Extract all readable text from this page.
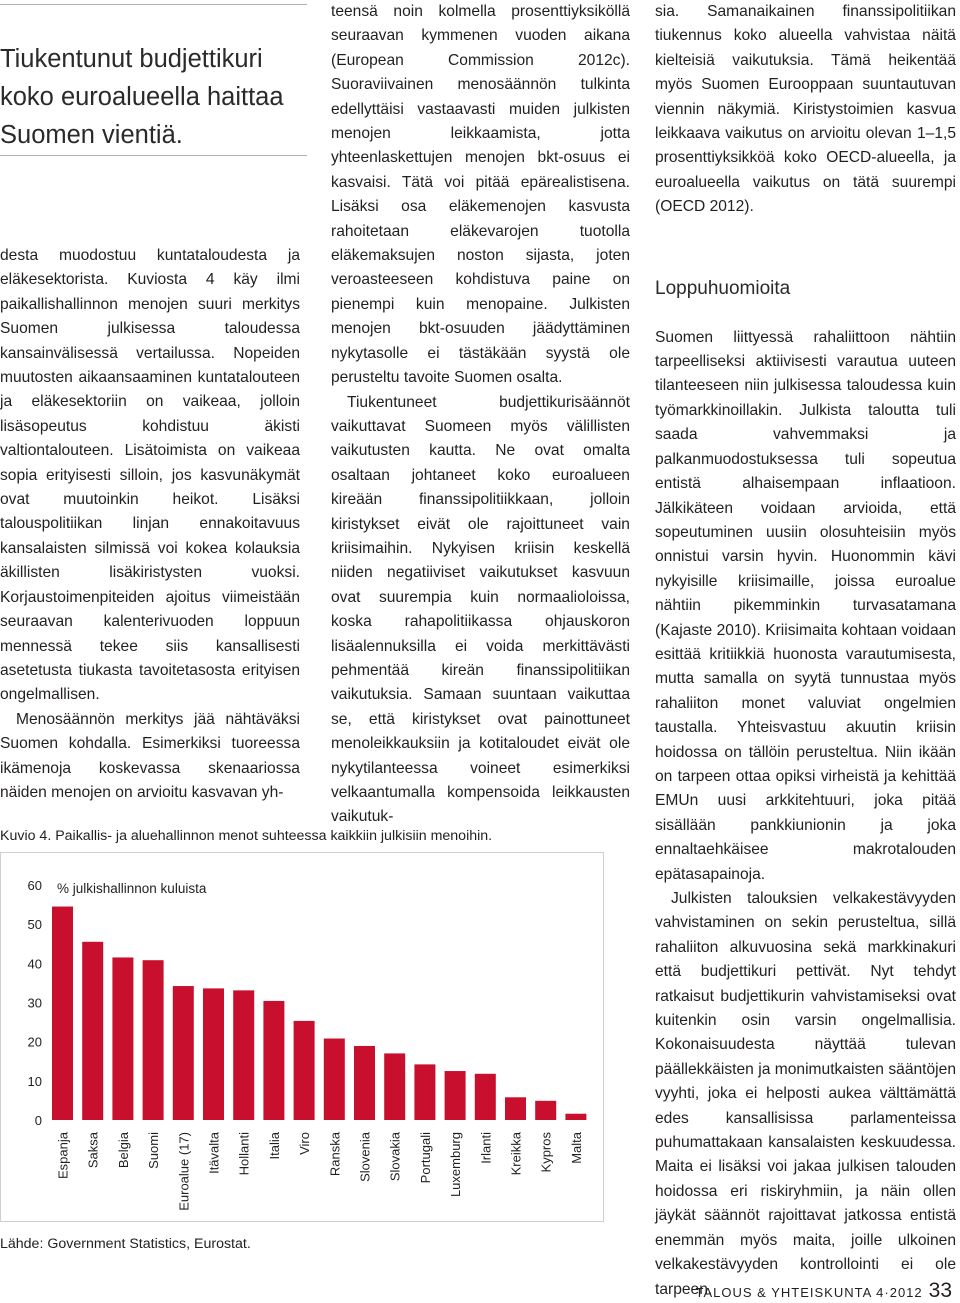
Tiukentunut budjettikuri koko euroalueella haittaa Suomen vientiä.

desta muodostuu kuntataloudesta ja eläkesektorista. Kuviosta 4 käy ilmi paikallishallinnon menojen suuri merkitys Suomen julkisessa taloudessa kansainvälisessä vertailussa. Nopeiden muutosten aikaansaaminen kuntatalouteen ja eläkesektoriin on vaikeaa, jolloin lisäsopeutus kohdistuu äkisti valtiontalouteen. Lisätoimista on vaikeaa sopia erityisesti silloin, jos kasvunäkymät ovat muutoinkin heikot. Lisäksi talouspolitiikan linjan ennakoitavuus kansalaisten silmissä voi kokea kolauksia äkillisten lisäkiristysten vuoksi. Korjaustoimenpiteiden ajoitus viimeistään seuraavan kalenterivuoden loppuun mennessä tekee siis kansallisesti asetetusta tiukasta tavoitetasosta erityisen ongelmallisen.

Menosäännön merkitys jää nähtäväksi Suomen kohdalla. Esimerkiksi tuoreessa ikämenoja koskevassa skenaariossa näiden menojen on arvioitu kasvavan yh-

teensä noin kolmella prosenttiyksiköllä seuraavan kymmenen vuoden aikana (European Commission 2012c). Suoraviivainen menosäännön tulkinta edellyttäisi vastaavasti muiden julkisten menojen leikkaamista, jotta yhteenlaskettujen menojen bkt-osuus ei kasvaisi. Tätä voi pitää epärealistisena. Lisäksi osa eläkemenojen kasvusta rahoitetaan eläkevarojen tuotolla eläkemaksujen noston sijasta, joten veroasteeseen kohdistuva paine on pienempi kuin menopaine. Julkisten menojen bkt-osuuden jäädyttäminen nykytasolle ei tästäkään syystä ole perusteltu tavoite Suomen osalta.

Tiukentuneet budjettikurisäännöt vaikuttavat Suomeen myös välillisten vaikutusten kautta. Ne ovat omalta osaltaan johtaneet koko euroalueen kireään finanssipolitiikkaan, jolloin kiristykset eivät ole rajoittuneet vain kriisimaihin. Nykyisen kriisin keskellä niiden negatiiviset vaikutukset kasvuun ovat suurempia kuin normaalioloissa, koska rahapolitiikassa ohjauskoron lisäalennuksilla ei voida merkittävästi pehmentää kireän finanssipolitiikan vaikutuksia. Samaan suuntaan vaikuttaa se, että kiristykset ovat painottuneet menoleikkauksiin ja kotitaloudet eivät ole nykytilanteessa voineet esimerkiksi velkaantumalla kompensoida leikkausten vaikutuk-

sia. Samanaikainen finanssipolitiikan tiukennus koko alueella vahvistaa näitä kielteisiä vaikutuksia. Tämä heikentää myös Suomen Eurooppaan suuntautuvan viennin näkymiä. Kiristystoimien kasvua leikkaava vaikutus on arvioitu olevan 1–1,5 prosenttiyksikköä koko OECD-alueella, ja euroalueella vaikutus on tätä suurempi (OECD 2012).

Loppuhuomioita

Suomen liittyessä rahaliittoon nähtiin tarpeelliseksi aktiivisesti varautua uuteen tilanteeseen niin julkisessa taloudessa kuin työmarkkinoillakin. Julkista taloutta tuli saada vahvemmaksi ja palkanmuodostuksessa tuli sopeutua entistä alhaisempaan inflaatioon. Jälkikäteen voidaan arvioida, että sopeutuminen uusiin olosuhteisiin myös onnistui varsin hyvin. Huonommin kävi nykyisille kriisimaille, joissa euroalue nähtiin pikemminkin turvasatamana (Kajaste 2010). Kriisimaita kohtaan voidaan esittää kritiikkiä huonosta varautumisesta, mutta samalla on syytä tunnustaa myös rahaliiton monet valuviat ongelmien taustalla. Yhteisvastuu akuutin kriisin hoidossa on tällöin perusteltua. Niin ikään on tarpeen ottaa opiksi virheistä ja kehittää EMUn uusi arkkitehtuuri, joka pitää sisällään pankkiunionin ja joka ennaltaehkäisee makrotalouden epätasapainoja.

Julkisten talouksien velkakestävyyden vahvistaminen on sekin perusteltua, sillä rahaliiton alkuvuosina sekä markkinakuri että budjettikuri pettivät. Nyt tehdyt ratkaisut budjettikurin vahvistamiseksi ovat kuitenkin osin varsin ongelmallisia. Kokonaisuudesta näyttää tulevan päällekkäisten ja monimutkaisten sääntöjen vyyhti, joka ei helposti aukea välttämättä edes kansallisissa parlamenteissa puhumattakaan kansalaisten keskuudessa. Maita ei lisäksi voi jakaa julkisen talouden hoidossa eri riskiryhmiin, ja näin ollen jäykät säännöt rajoittavat jatkossa entistä enemmän myös maita, joille ulkoinen velkakestävyyden kontrollointi ei ole tarpeen.

Kuvio 4. Paikallis- ja aluehallinnon menot suhteessa kaikkiin julkisiin menoihin.
0
10
20
30
40
50
60 % julkishallinnon kuluista
Espanja Saksa Belgia Suomi Euroalue (17) Itävalta Hollanti Italia Viro Ranska Slovenia Slovakia Portugali Luxemburg Irlanti Kreikka Kypros Malta
Lähde: Government Statistics, Eurostat.
TALOUS & YHTEISKUNTA 4·2012 33
